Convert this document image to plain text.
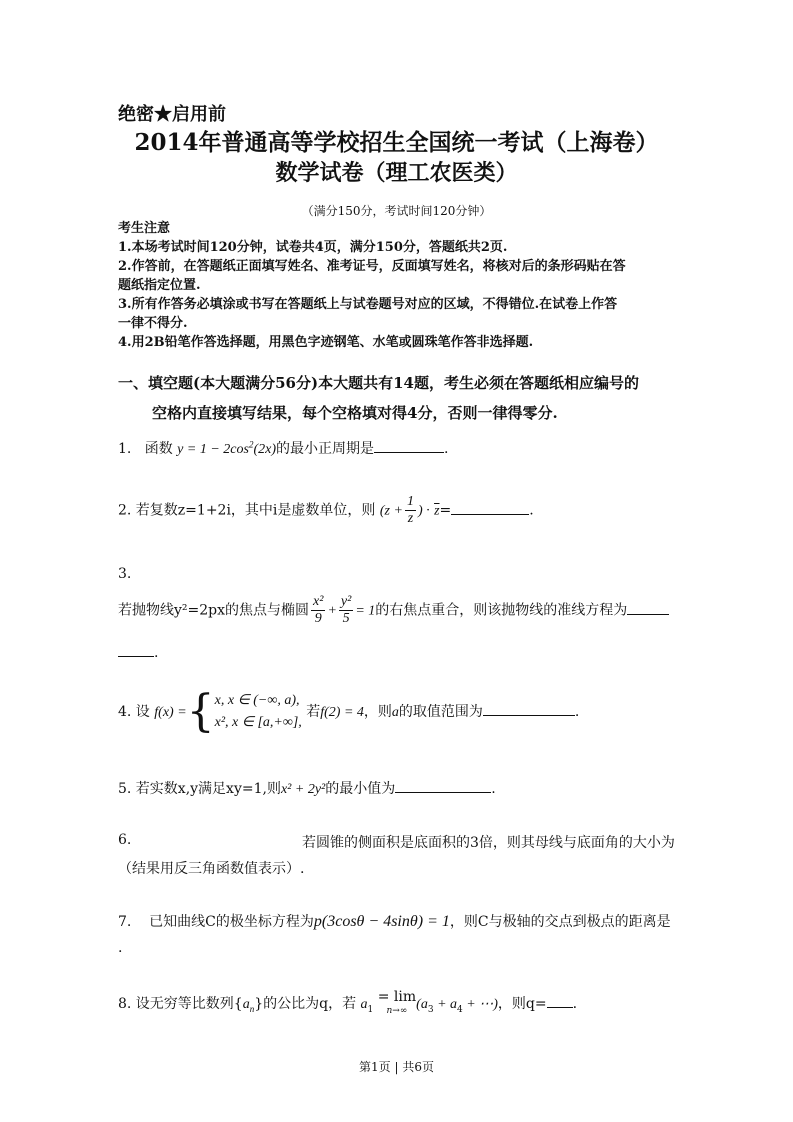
绝密★启用前
2014年普通高等学校招生全国统一考试（上海卷）
数学试卷（理工农医类）
（满分150分，考试时间120分钟）
考生注意
1.本场考试时间120分钟，试卷共4页，满分150分，答题纸共2页.
2.作答前，在答题纸正面填写姓名、准考证号，反面填写姓名，将核对后的条形码贴在答
题纸指定位置.
3.所有作答务必填涂或书写在答题纸上与试卷题号对应的区域，不得错位.在试卷上作答
一律不得分.
4.用2B铅笔作答选择题，用黑色字迹钢笔、水笔或圆珠笔作答非选择题.
一、填空题(本大题满分56分)本大题共有14题，考生必须在答题纸相应编号的
空格内直接填写结果，每个空格填对得4分，否则一律得零分.
1. 函数 $y = 1 - 2\cos^2(2x)$的最小正周期是	.
2. 若复数z=1+2i，其中i是虚数单位，则 ($z + \frac{1}{z}$ ) · $\overline{z}=$	.
3.
若抛物线y²=2px的焦点与椭圆 $\frac{\text{x²}}{9} + \frac{\text{y²}}{5} = 1$的右焦点重合，则该抛物线的准线方程为
.
4. 设 f(x) ={ x, x ∈ (−∞, a),
x², x ∈ [a,+∞],
若f(2) = 4，则a的取值范围为	.
5. 若实数x,y满足xy=1,则x² + 2y²的最小值为	.
6.	若圆锥的侧面积是底面积的3倍，则其母线与底面角的大小为
（结果用反三角函数值表示）.
7. 已知曲线C的极坐标方程为p(3cosθ − 4sinθ) = 1，则C与极轴的交点到极点的距离是
.
8. 设无穷等比数列$\{a_n\}$的公比为q，若 $a_1 = \lim$
n→∞ ($a_3 + a_4$ + ⋯)，则q= .
第1页 | 共6页
